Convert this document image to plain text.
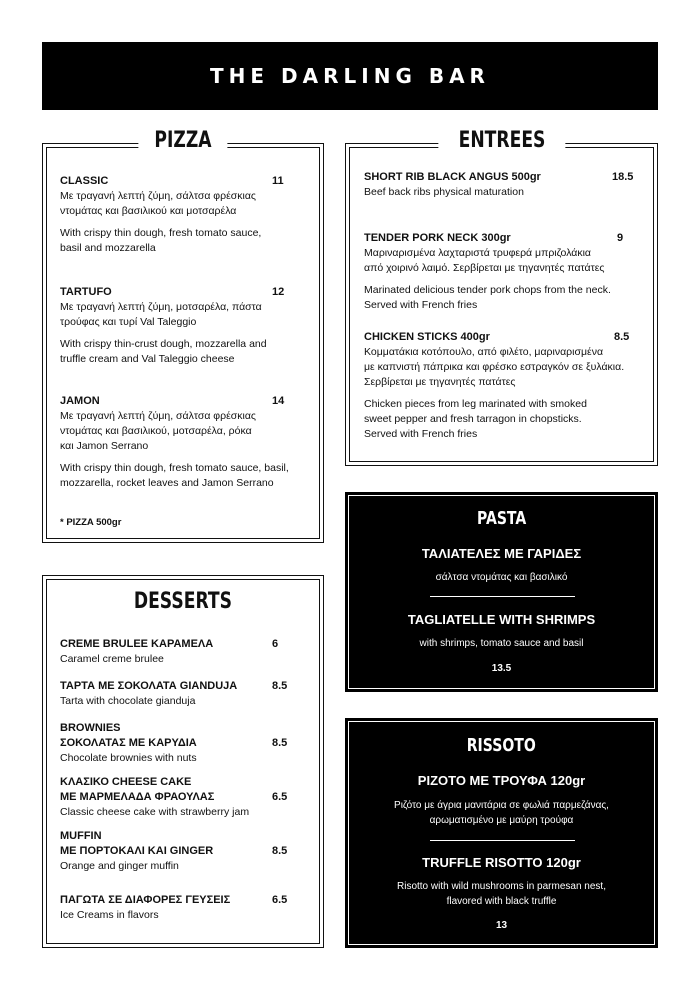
THE DARLING BAR
PIZZA
CLASSIC	11
Με τραγανή λεπτή ζύμη, σάλτσα φρέσκιας
ντομάτας και βασιλικού και μοτσαρέλα
With crispy thin dough, fresh tomato sauce,
basil and mozzarella
TARTUFO	12
Με τραγανή λεπτή ζύμη, μοτσαρέλα, πάστα
τρούφας και τυρί Val Taleggio
With crispy thin-crust dough, mozzarella and
truffle cream and Val Taleggio cheese
JAMON	14
Με τραγανή λεπτή ζύμη, σάλτσα φρέσκιας
ντομάτας και βασιλικού, μοτσαρέλα, ρόκα
και Jamon Serrano
With crispy thin dough, fresh tomato sauce, basil,
mozzarella, rocket leaves and Jamon Serrano
* PIZZA 500gr
ENTREES
SHORT RIB BLACK ANGUS 500gr	18.5
Beef back ribs physical maturation
TENDER PORK NECK 300gr	9
Μαριναρισμένα λαχταριστά τρυφερά μπριζολάκια
από χοιρινό λαιμό. Σερβίρεται με τηγανητές πατάτες
Marinated delicious tender pork chops from the neck.
Served with French fries
CHICKEN STICKS 400gr	8.5
Κομματάκια κοτόπουλο, από φιλέτο, μαριναρισμένα
με καπνιστή πάπρικα και φρέσκο εστραγκόν σε ξυλάκια.
Σερβίρεται με τηγανητές πατάτες
Chicken pieces from leg marinated with smoked
sweet pepper and fresh tarragon in chopsticks.
Served with French fries
DESSERTS
CREME BRULEE ΚΑΡΑΜΕΛΑ	6
Caramel creme brulee
ΤΑΡΤΑ ΜΕ ΣΟΚΟΛΑΤΑ GIANDUJA	8.5
Tarta with chocolate gianduja
BROWNIES
ΣΟΚΟΛΑΤΑΣ ΜΕ ΚΑΡΥΔΙΑ	8.5
Chocolate brownies with nuts
ΚΛΑΣΙΚΟ CHEESE CAKE
ΜΕ ΜΑΡΜΕΛΑΔΑ ΦΡΑΟΥΛΑΣ	6.5
Classic cheese cake with strawberry jam
MUFFIN
ΜΕ ΠΟΡΤΟΚΑΛΙ ΚΑΙ GINGER	8.5
Orange and ginger muffin
ΠΑΓΩΤΑ ΣΕ ΔΙΑΦΟΡΕΣ ΓΕΥΣΕΙΣ	6.5
Ice Creams in flavors
PASTA
ΤΑΛΙΑΤΕΛΕΣ ΜΕ ΓΑΡΙΔΕΣ
σάλτσα ντομάτας και βασιλικό
TAGLIATELLE WITH SHRIMPS
with shrimps, tomato sauce and basil
13.5
RISSOTO
ΡΙΖΟΤΟ ΜΕ ΤΡΟΥΦΑ 120gr
Ριζότο με άγρια μανιτάρια σε φωλιά παρμεζάνας,
αρωματισμένο με μαύρη τρούφα
TRUFFLE RISOTTO 120gr
Risotto with wild mushrooms in parmesan nest,
flavored with black truffle
13
